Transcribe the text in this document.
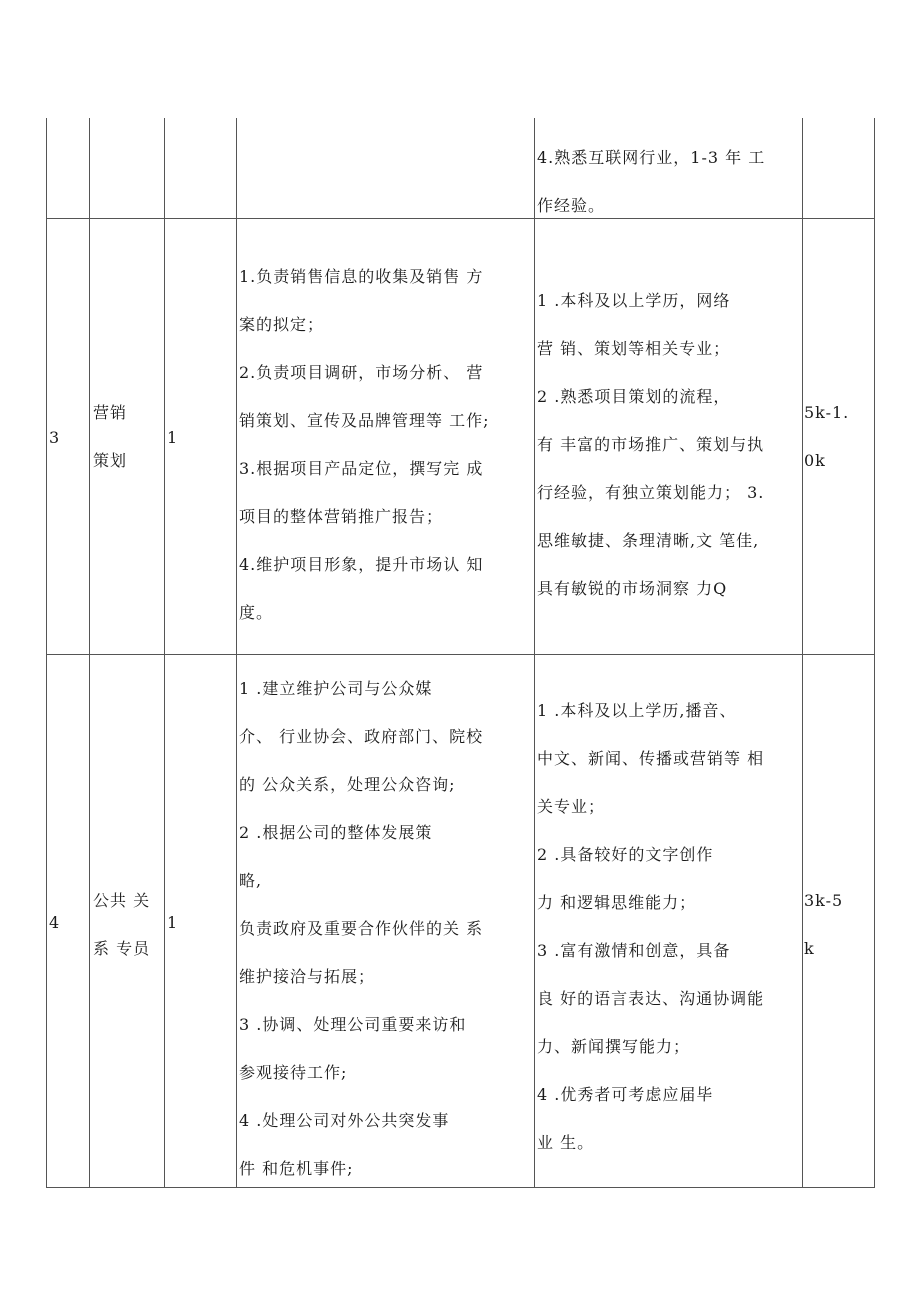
4.熟悉互联网行业，1-3 年 工
作经验。
3
营销
策划
1
1.负责销售信息的收集及销售 方
案的拟定；
2.负责项目调研，市场分析、 营
销策划、宣传及品牌管理等 工作;
3.根据项目产品定位，撰写完 成
项目的整体营销推广报告；
4.维护项目形象，提升市场认 知
度。
1 .本科及以上学历，网络
营 销、策划等相关专业；
2 .熟悉项目策划的流程，
有 丰富的市场推广、策划与执
行经验，有独立策划能力； 3.
思维敏捷、条理清晰,文 笔佳,
具有敏锐的市场洞察 力Q
5k-1.
0k
4
公共 关
系 专员
1
1 .建立维护公司与公众媒
介、 行业协会、政府部门、院校
的 公众关系，处理公众咨询;
2 .根据公司的整体发展策
略,
负责政府及重要合作伙伴的关 系
维护接洽与拓展；
3 .协调、处理公司重要来访和
参观接待工作;
4 .处理公司对外公共突发事
件 和危机事件;
1 .本科及以上学历,播音、
中文、新闻、传播或营销等 相
关专业；
2 .具备较好的文字创作
力 和逻辑思维能力；
3 .富有激情和创意，具备
良 好的语言表达、沟通协调能
力、新闻撰写能力；
4 .优秀者可考虑应届毕
业 生。
3k-5
k
